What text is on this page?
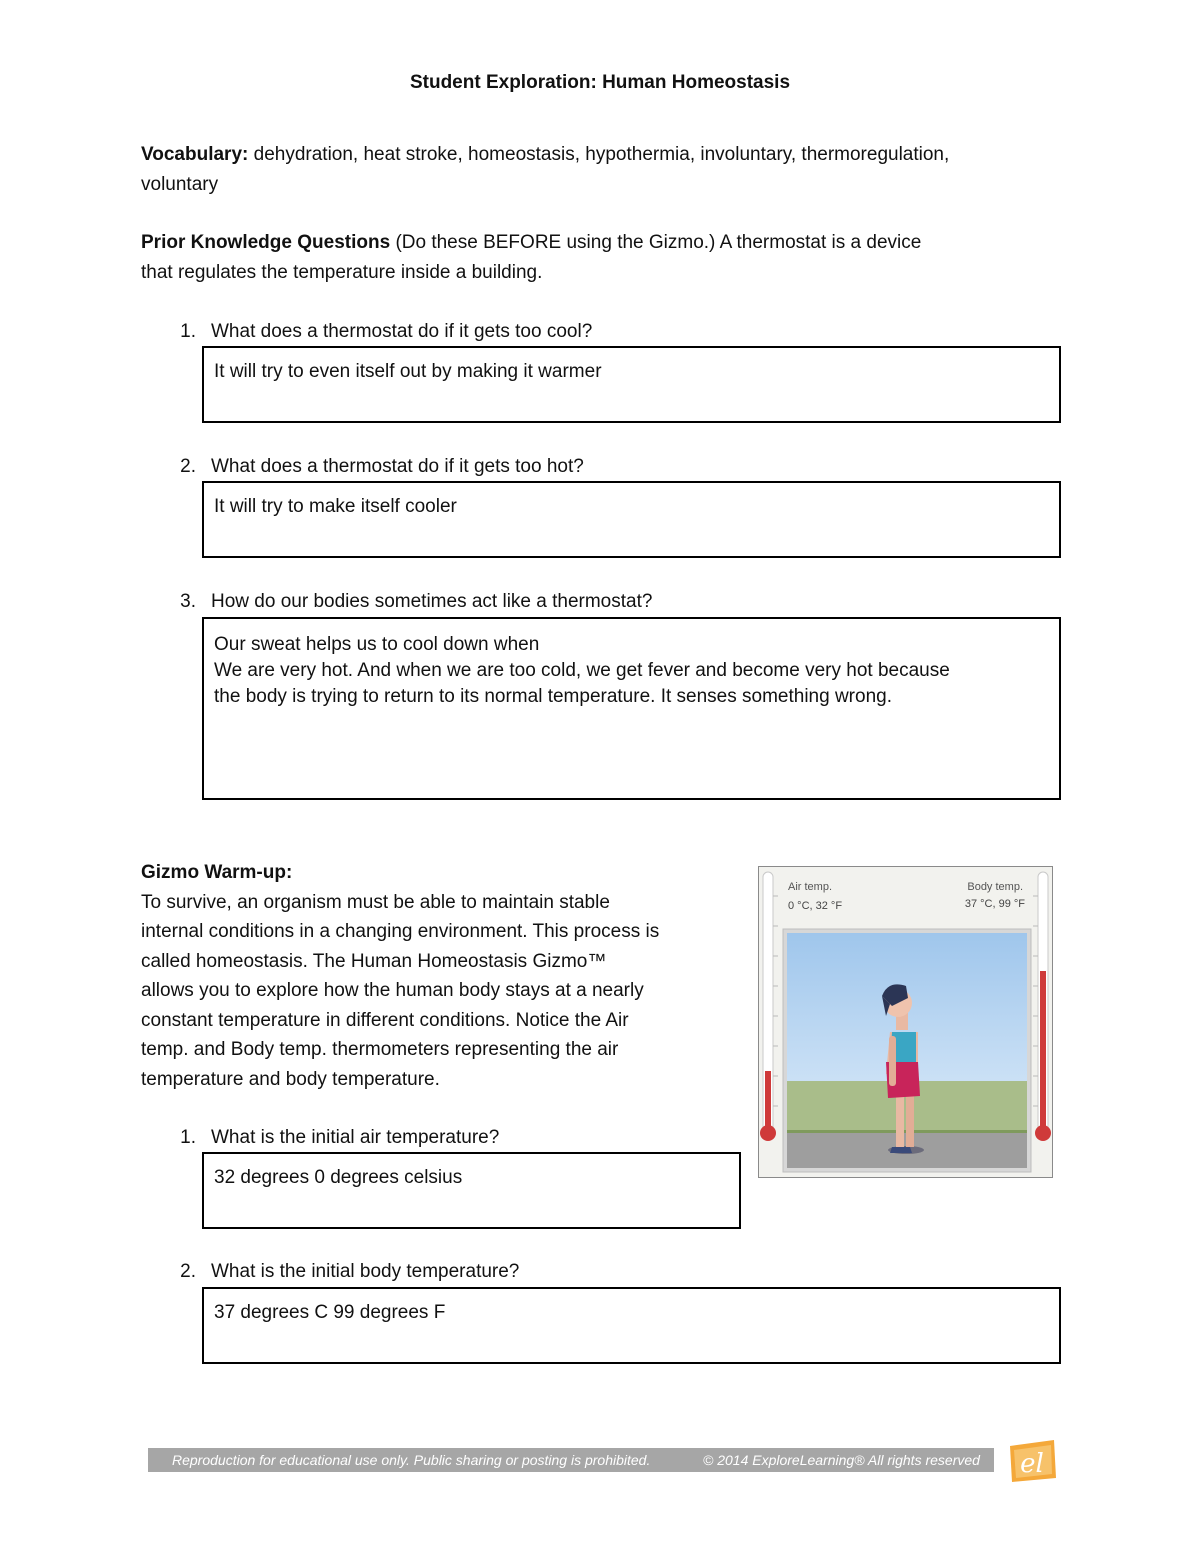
Student Exploration: Human Homeostasis
Vocabulary: dehydration, heat stroke, homeostasis, hypothermia, involuntary, thermoregulation,
voluntary
Prior Knowledge Questions (Do these BEFORE using the Gizmo.) A thermostat is a device
that regulates the temperature inside a building.
1. What does a thermostat do if it gets too cool?
It will try to even itself out by making it warmer
2. What does a thermostat do if it gets too hot?
It will try to make itself cooler
3. How do our bodies sometimes act like a thermostat?
Our sweat helps us to cool down when
We are very hot. And when we are too cold, we get fever and become very hot because
the body is trying to return to its normal temperature. It senses something wrong.
Gizmo Warm-up:
To survive, an organism must be able to maintain stable
internal conditions in a changing environment. This process is
called homeostasis. The Human Homeostasis Gizmo™
allows you to explore how the human body stays at a nearly
constant temperature in different conditions. Notice the Air
temp. and Body temp. thermometers representing the air
temperature and body temperature.
Air temp.
0 °C, 32 °F
Body temp.
37 °C, 99 °F
1. What is the initial air temperature?
32 degrees 0 degrees celsius
2. What is the initial body temperature?
37 degrees C 99 degrees F
Reproduction for educational use only. Public sharing or posting is prohibited.	© 2014 ExploreLearning® All rights reserved el
